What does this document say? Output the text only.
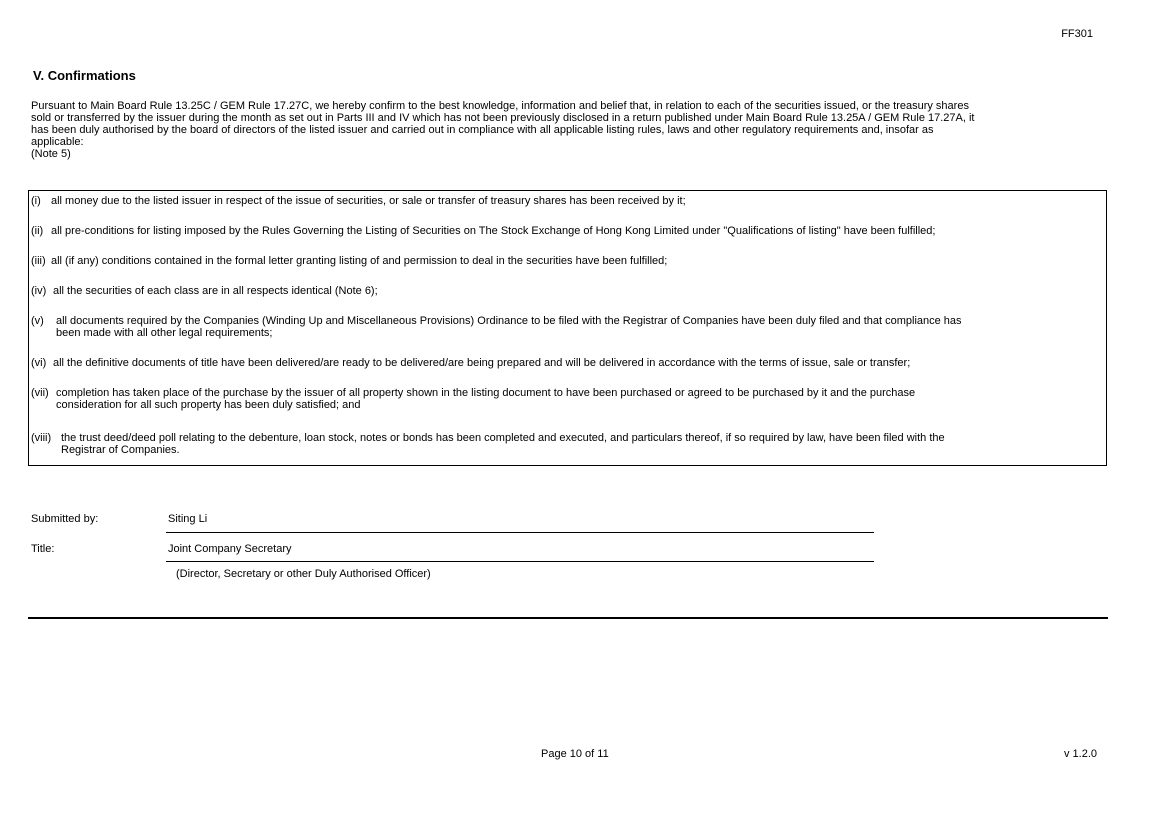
FF301
V. Confirmations
Pursuant to Main Board Rule 13.25C / GEM Rule 17.27C, we hereby confirm to the best knowledge, information and belief that, in relation to each of the securities issued, or the treasury shares
sold or transferred by the issuer during the month as set out in Parts III and IV which has not been previously disclosed in a return published under Main Board Rule 13.25A / GEM Rule 17.27A, it
has been duly authorised by the board of directors of the listed issuer and carried out in compliance with all applicable listing rules, laws and other regulatory requirements and, insofar as
applicable:
(Note 5)
(i) all money due to the listed issuer in respect of the issue of securities, or sale or transfer of treasury shares has been received by it;
(ii) all pre-conditions for listing imposed by the Rules Governing the Listing of Securities on The Stock Exchange of Hong Kong Limited under "Qualifications of listing" have been fulfilled;
(iii) all (if any) conditions contained in the formal letter granting listing of and permission to deal in the securities have been fulfilled;
(iv) all the securities of each class are in all respects identical (Note 6);
(v) all documents required by the Companies (Winding Up and Miscellaneous Provisions) Ordinance to be filed with the Registrar of Companies have been duly filed and that compliance has
been made with all other legal requirements;
(vi) all the definitive documents of title have been delivered/are ready to be delivered/are being prepared and will be delivered in accordance with the terms of issue, sale or transfer;
(vii) completion has taken place of the purchase by the issuer of all property shown in the listing document to have been purchased or agreed to be purchased by it and the purchase
consideration for all such property has been duly satisfied; and
(viii) the trust deed/deed poll relating to the debenture, loan stock, notes or bonds has been completed and executed, and particulars thereof, if so required by law, have been filed with the
Registrar of Companies.
Submitted by:	Siting Li
Title:	Joint Company Secretary
(Director, Secretary or other Duly Authorised Officer)
Page 10 of 11	v 1.2.0
